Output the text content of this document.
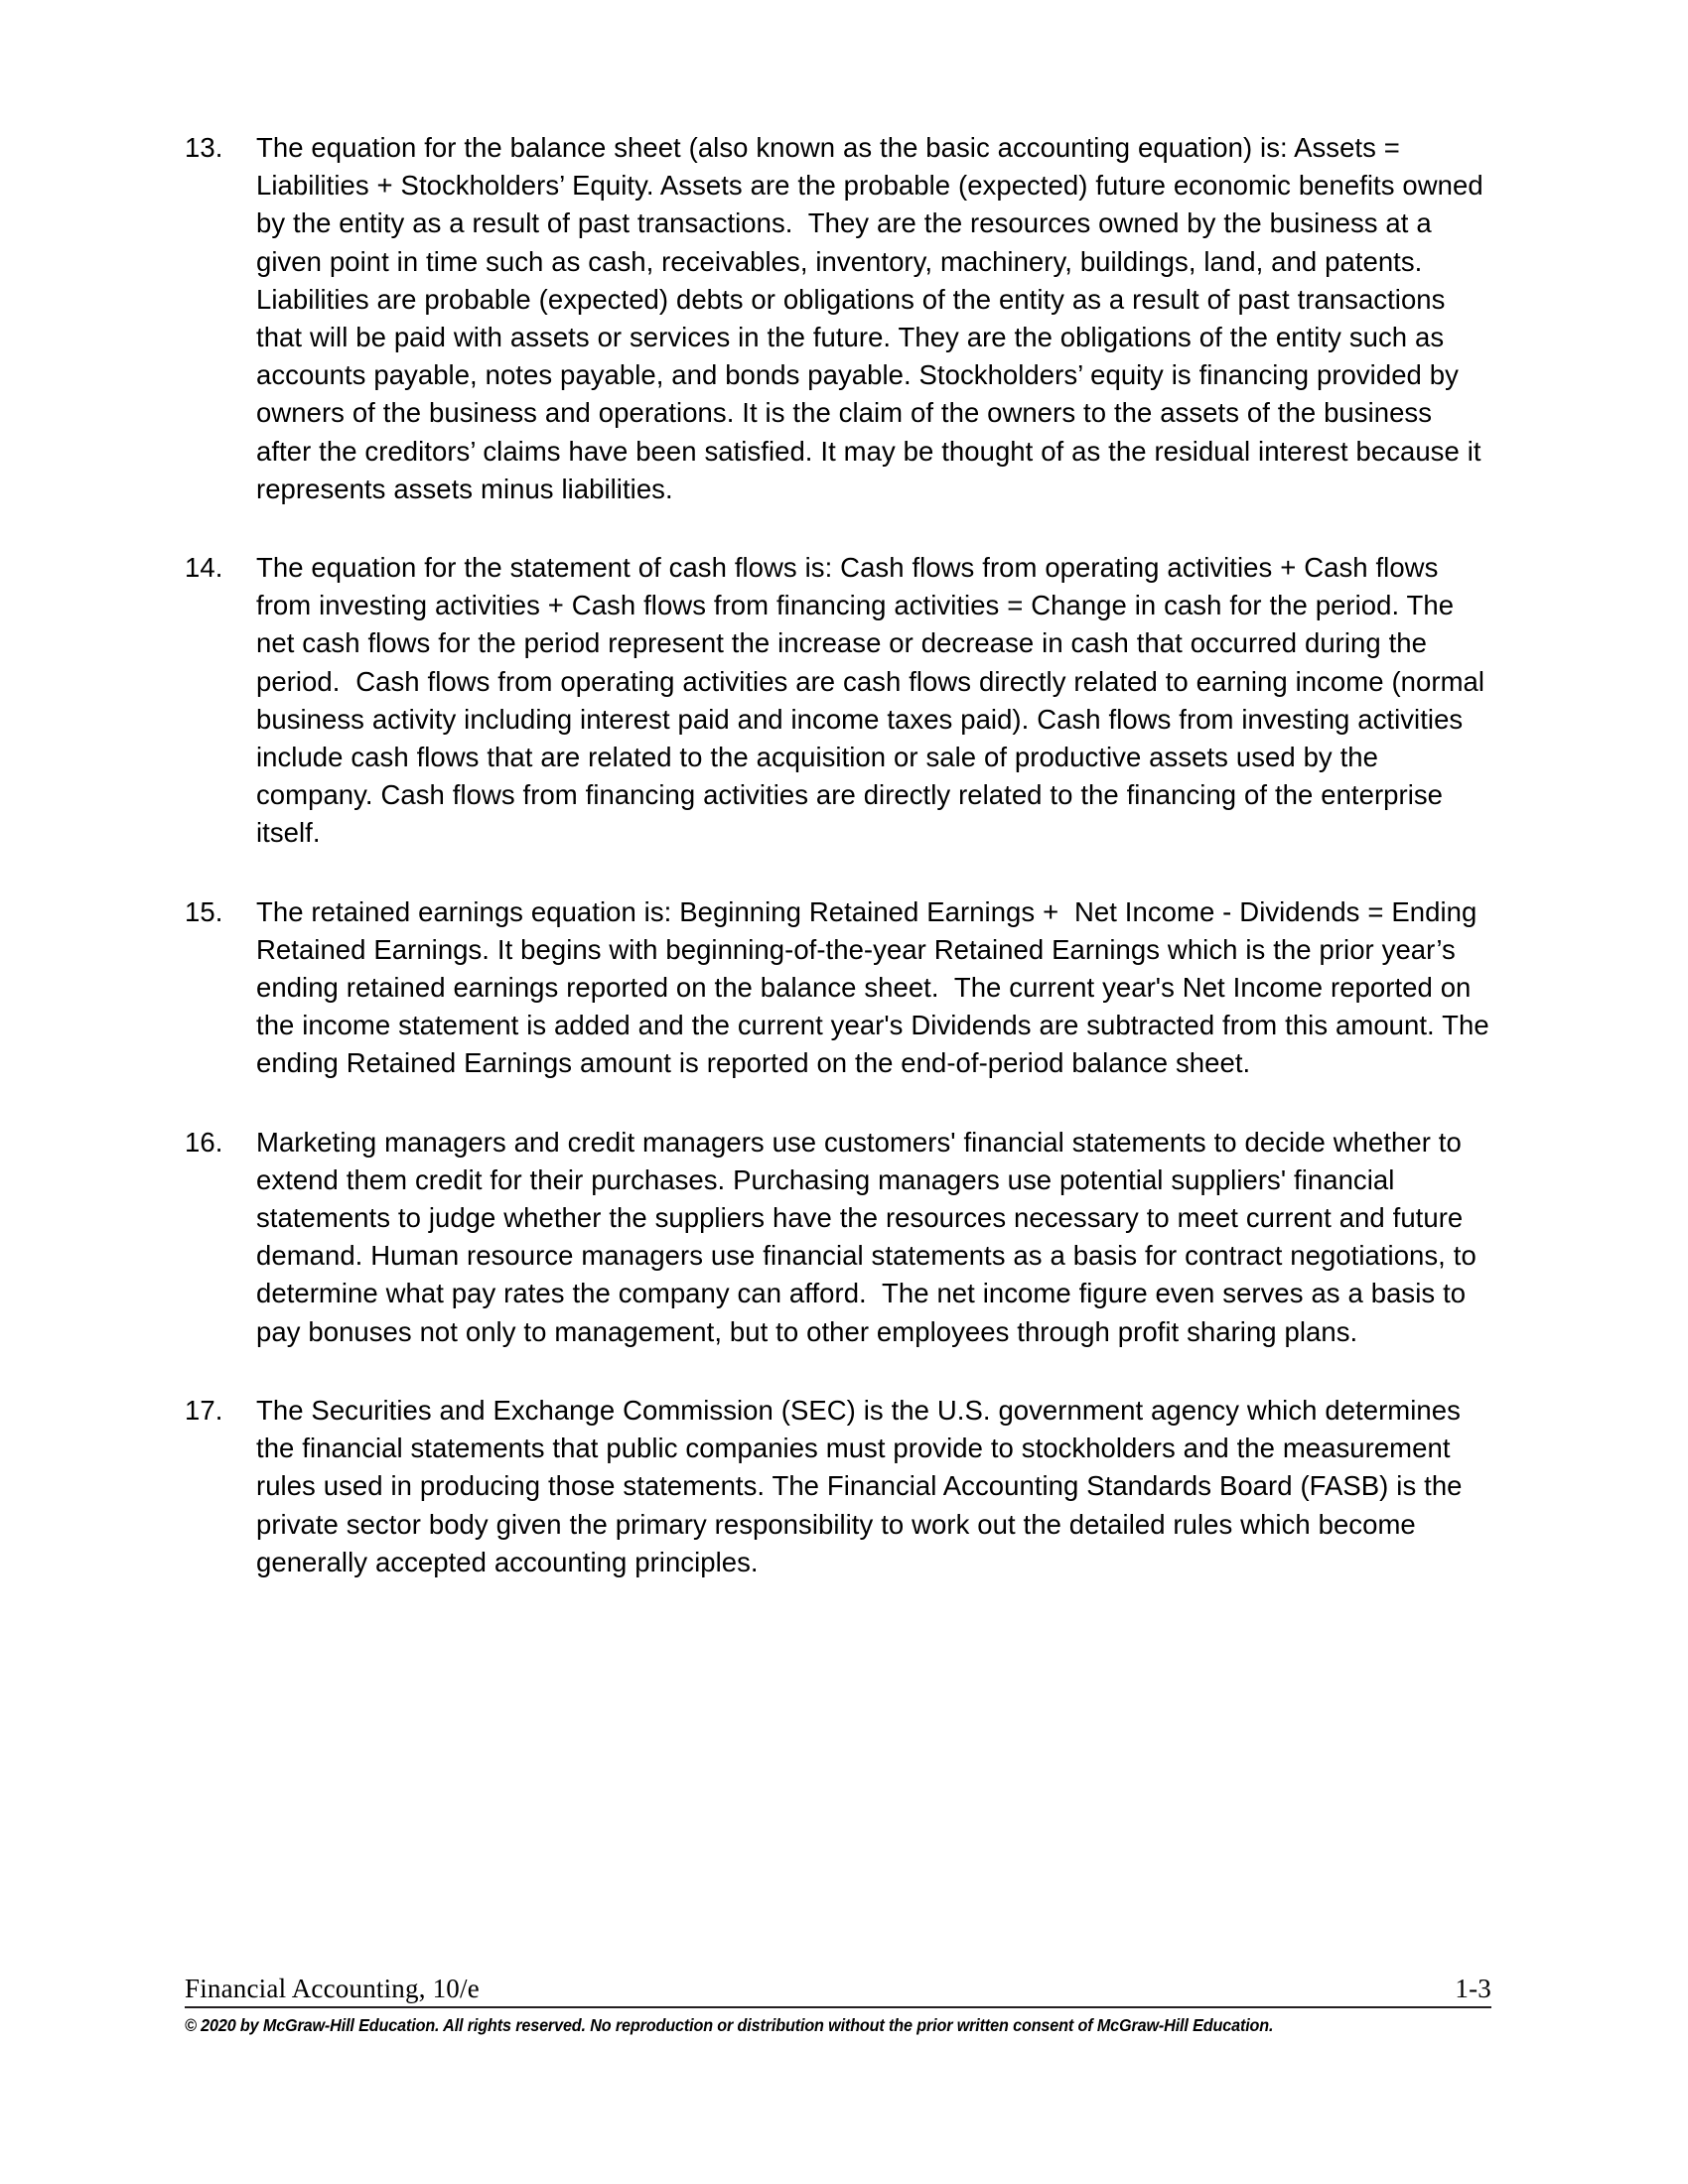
13.	The equation for the balance sheet (also known as the basic accounting equation) is: Assets = Liabilities + Stockholders’ Equity. Assets are the probable (expected) future economic benefits owned by the entity as a result of past transactions.  They are the resources owned by the business at a given point in time such as cash, receivables, inventory, machinery, buildings, land, and patents. Liabilities are probable (expected) debts or obligations of the entity as a result of past transactions that will be paid with assets or services in the future. They are the obligations of the entity such as accounts payable, notes payable, and bonds payable. Stockholders’ equity is financing provided by owners of the business and operations. It is the claim of the owners to the assets of the business after the creditors’ claims have been satisfied. It may be thought of as the residual interest because it represents assets minus liabilities.
14.	The equation for the statement of cash flows is: Cash flows from operating activities + Cash flows from investing activities + Cash flows from financing activities = Change in cash for the period. The net cash flows for the period represent the increase or decrease in cash that occurred during the period.  Cash flows from operating activities are cash flows directly related to earning income (normal business activity including interest paid and income taxes paid). Cash flows from investing activities include cash flows that are related to the acquisition or sale of productive assets used by the company. Cash flows from financing activities are directly related to the financing of the enterprise itself.
15.	The retained earnings equation is: Beginning Retained Earnings +  Net Income - Dividends = Ending Retained Earnings. It begins with beginning-of-the-year Retained Earnings which is the prior year’s ending retained earnings reported on the balance sheet.  The current year's Net Income reported on the income statement is added and the current year's Dividends are subtracted from this amount. The ending Retained Earnings amount is reported on the end-of-period balance sheet.
16.	Marketing managers and credit managers use customers' financial statements to decide whether to extend them credit for their purchases. Purchasing managers use potential suppliers' financial statements to judge whether the suppliers have the resources necessary to meet current and future demand. Human resource managers use financial statements as a basis for contract negotiations, to determine what pay rates the company can afford.  The net income figure even serves as a basis to pay bonuses not only to management, but to other employees through profit sharing plans.
17.	The Securities and Exchange Commission (SEC) is the U.S. government agency which determines the financial statements that public companies must provide to stockholders and the measurement rules used in producing those statements. The Financial Accounting Standards Board (FASB) is the private sector body given the primary responsibility to work out the detailed rules which become generally accepted accounting principles.
Financial Accounting, 10/e	1-3
© 2020 by McGraw-Hill Education. All rights reserved. No reproduction or distribution without the prior written consent of McGraw-Hill Education.
